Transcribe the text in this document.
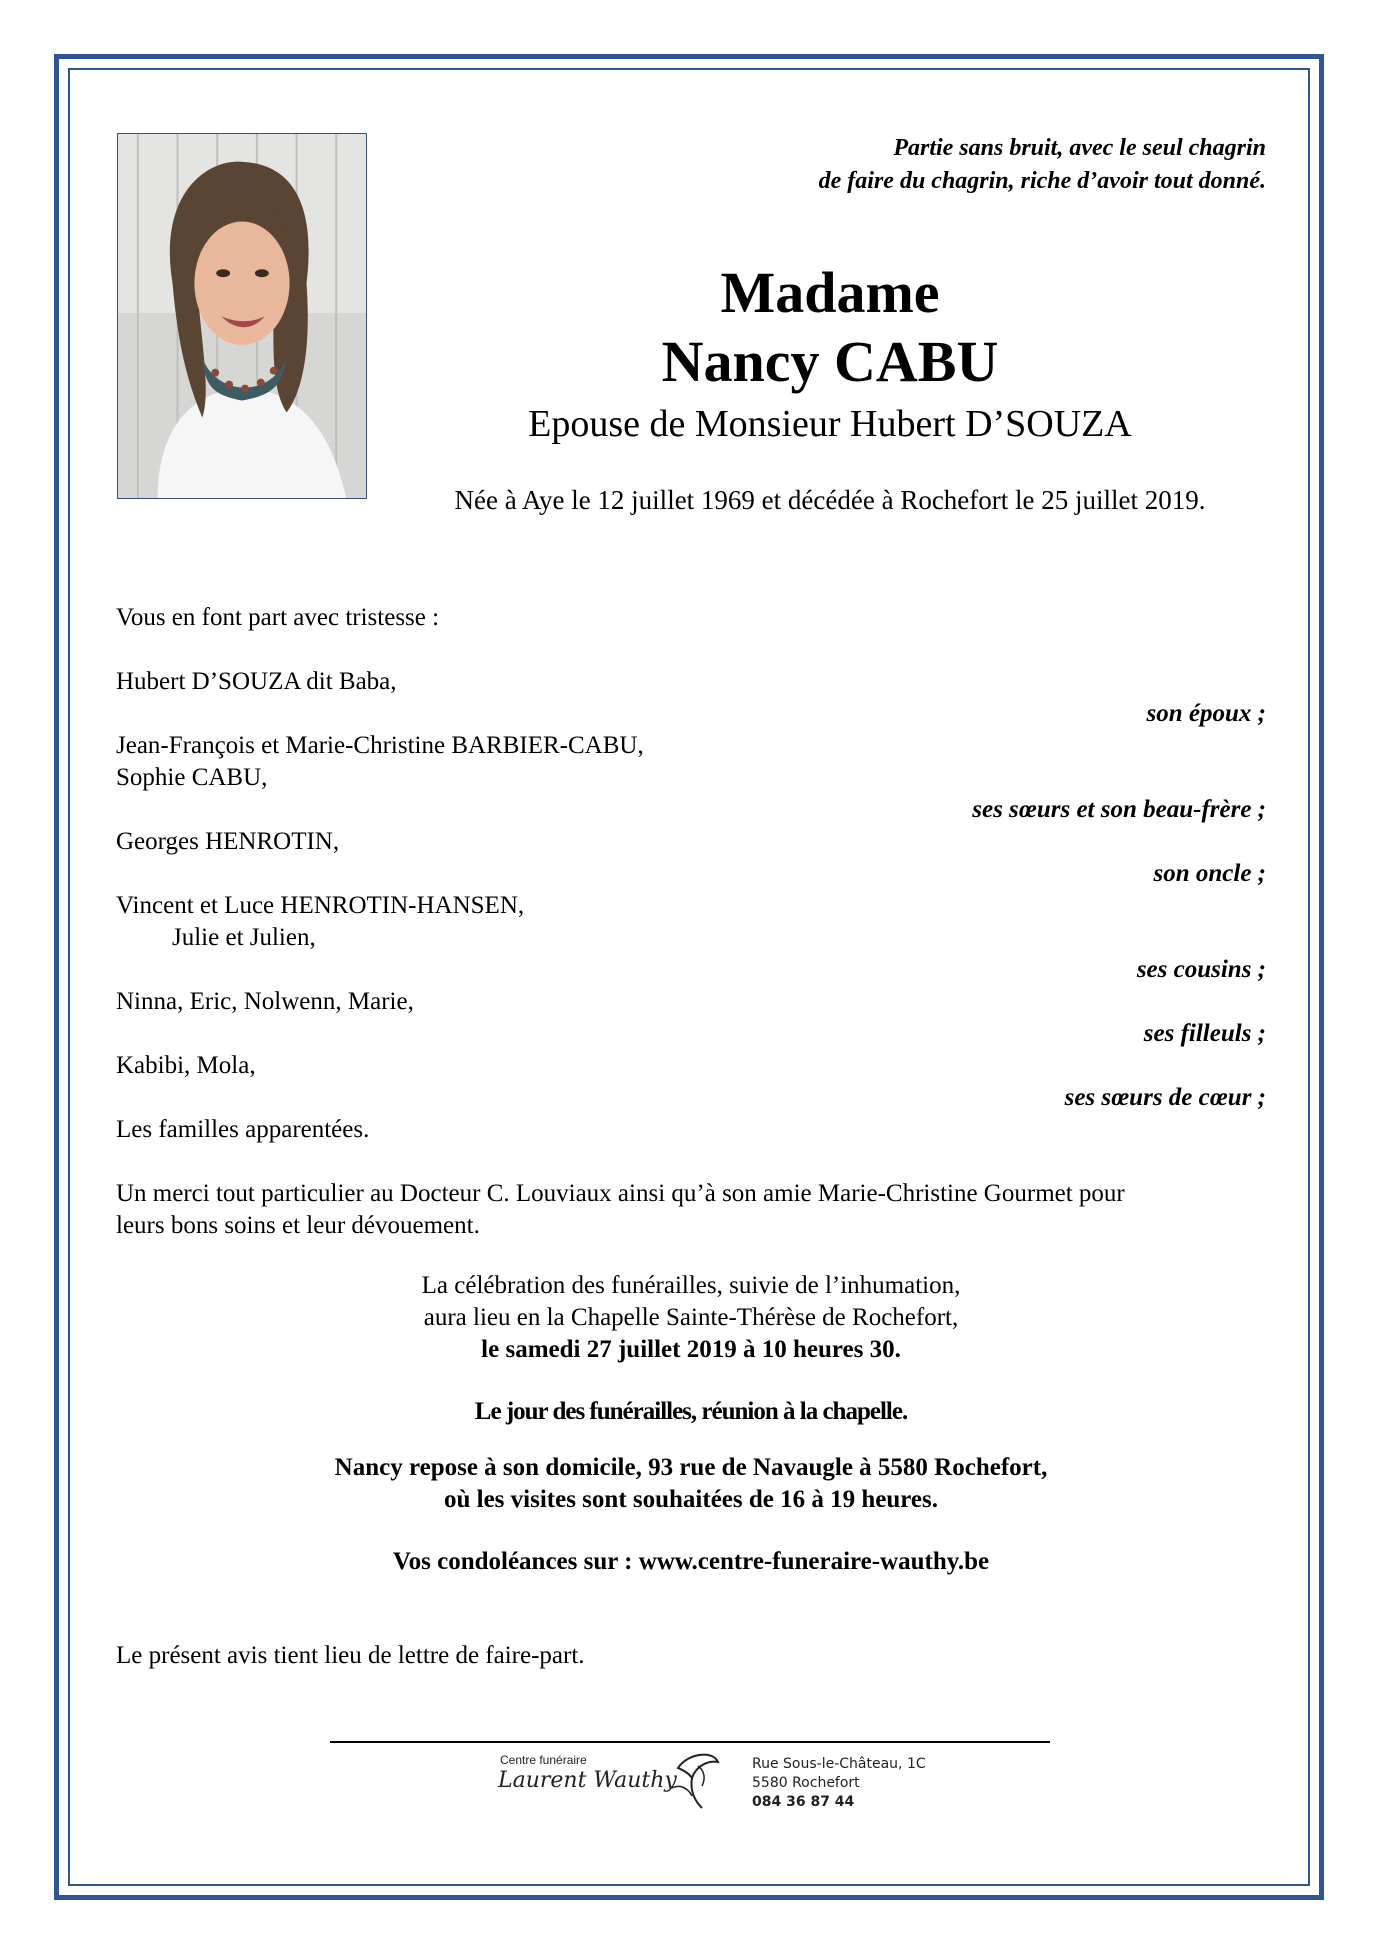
Partie sans bruit, avec le seul chagrin
de faire du chagrin, riche d’avoir tout donné.
Madame
Nancy CABU
Epouse de Monsieur Hubert D’SOUZA
Née à Aye le 12 juillet 1969 et décédée à Rochefort le 25 juillet 2019.
Vous en font part avec tristesse :
Hubert D’SOUZA dit Baba,
son époux ;
Jean-François et Marie-Christine BARBIER-CABU,
Sophie CABU,
ses sœurs et son beau-frère ;
Georges HENROTIN,
son oncle ;
Vincent et Luce HENROTIN-HANSEN,
Julie et Julien,
ses cousins ;
Ninna, Eric, Nolwenn, Marie,
ses filleuls ;
Kabibi, Mola,
ses sœurs de cœur ;
Les familles apparentées.
Un merci tout particulier au Docteur C. Louviaux ainsi qu’à son amie Marie-Christine Gourmet pour
leurs bons soins et leur dévouement.
La célébration des funérailles, suivie de l’inhumation,
aura lieu en la Chapelle Sainte-Thérèse de Rochefort,
le samedi 27 juillet 2019 à 10 heures 30.
Le jour des funérailles, réunion à la chapelle.
Nancy repose à son domicile, 93 rue de Navaugle à 5580 Rochefort,
où les visites sont souhaitées de 16 à 19 heures.
Vos condoléances sur : www.centre-funeraire-wauthy.be
Le présent avis tient lieu de lettre de faire-part.
Centre funéraire
Laurent Wauthy
Rue Sous-le-Château, 1C
5580 Rochefort
084 36 87 44
